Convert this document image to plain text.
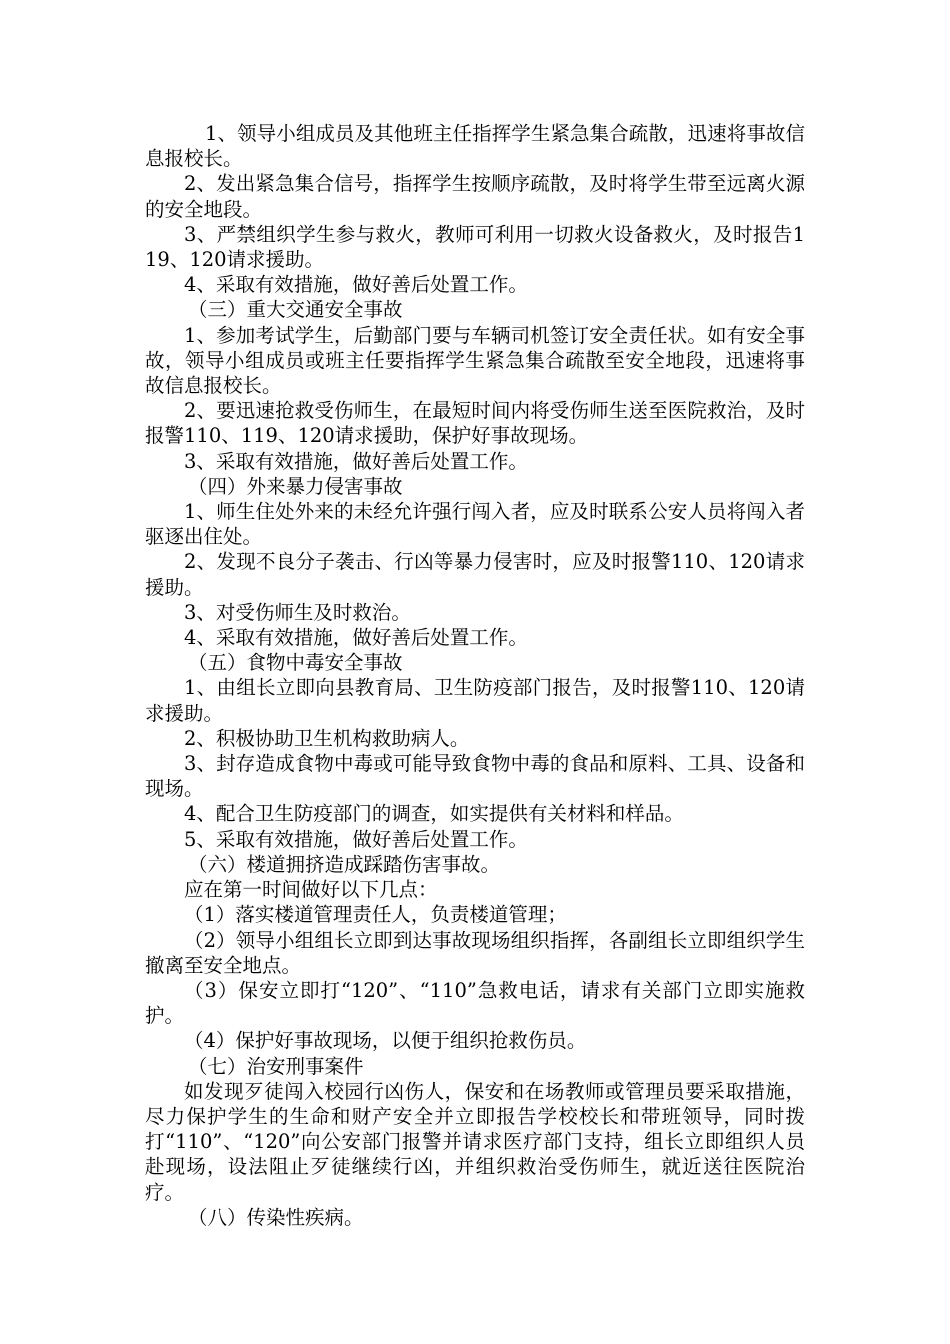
1、领导小组成员及其他班主任指挥学生紧急集合疏散，迅速将事故信息报校长。

2、发出紧急集合信号，指挥学生按顺序疏散，及时将学生带至远离火源的安全地段。

3、严禁组织学生参与救火，教师可利用一切救火设备救火，及时报告119、120请求援助。

4、采取有效措施，做好善后处置工作。

（三）重大交通安全事故

1、参加考试学生，后勤部门要与车辆司机签订安全责任状。如有安全事故，领导小组成员或班主任要指挥学生紧急集合疏散至安全地段，迅速将事故信息报校长。

2、要迅速抢救受伤师生，在最短时间内将受伤师生送至医院救治，及时报警110、119、120请求援助，保护好事故现场。

3、采取有效措施，做好善后处置工作。

（四）外来暴力侵害事故

1、师生住处外来的未经允许强行闯入者，应及时联系公安人员将闯入者驱逐出住处。

2、发现不良分子袭击、行凶等暴力侵害时，应及时报警110、120请求援助。

3、对受伤师生及时救治。

4、采取有效措施，做好善后处置工作。

（五）食物中毒安全事故

1、由组长立即向县教育局、卫生防疫部门报告，及时报警110、120请求援助。

2、积极协助卫生机构救助病人。

3、封存造成食物中毒或可能导致食物中毒的食品和原料、工具、设备和现场。

4、配合卫生防疫部门的调查，如实提供有关材料和样品。

5、采取有效措施，做好善后处置工作。

（六）楼道拥挤造成踩踏伤害事故。

应在第一时间做好以下几点：

（1）落实楼道管理责任人，负责楼道管理；

（2）领导小组组长立即到达事故现场组织指挥，各副组长立即组织学生撤离至安全地点。

（3）保安立即打“120”、“110”急救电话，请求有关部门立即实施救护。

（4）保护好事故现场，以便于组织抢救伤员。

（七）治安刑事案件

如发现歹徒闯入校园行凶伤人，保安和在场教师或管理员要采取措施，尽力保护学生的生命和财产安全并立即报告学校校长和带班领导，同时拨打“110”、“120”向公安部门报警并请求医疗部门支持，组长立即组织人员赴现场，设法阻止歹徒继续行凶，并组织救治受伤师生，就近送往医院治疗。

（八）传染性疾病。
